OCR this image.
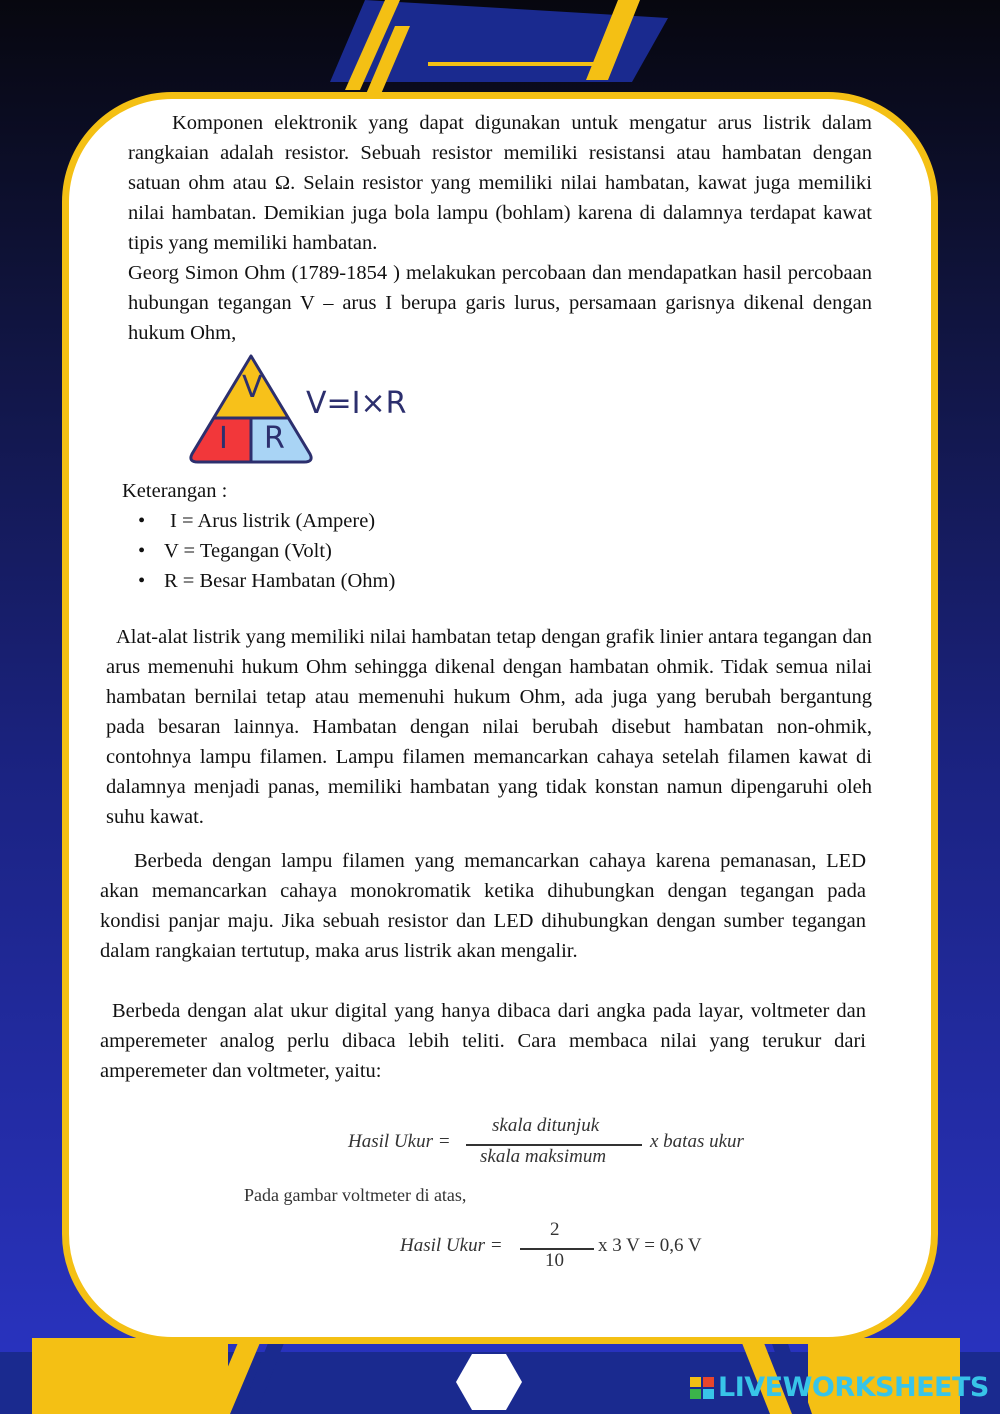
Komponen elektronik yang dapat digunakan untuk mengatur arus listrik dalam rangkaian adalah resistor. Sebuah resistor memiliki resistansi atau hambatan dengan satuan ohm atau Ω. Selain resistor yang memiliki nilai hambatan, kawat juga memiliki nilai hambatan. Demikian juga bola lampu (bohlam) karena di dalamnya terdapat kawat tipis yang memiliki hambatan.

Georg Simon Ohm (1789-1854 ) melakukan percobaan dan mendapatkan hasil percobaan hubungan tegangan V – arus I berupa garis lurus, persamaan garisnya dikenal dengan hukum Ohm,

V
I R
V=I×R
Keterangan :
• I = Arus listrik (Ampere)
• V = Tegangan (Volt)
• R = Besar Hambatan (Ohm)

Alat-alat listrik yang memiliki nilai hambatan tetap dengan grafik linier antara tegangan dan arus memenuhi hukum Ohm sehingga dikenal dengan hambatan ohmik. Tidak semua nilai hambatan bernilai tetap atau memenuhi hukum Ohm, ada juga yang berubah bergantung pada besaran lainnya. Hambatan dengan nilai berubah disebut hambatan non-ohmik, contohnya lampu filamen. Lampu filamen memancarkan cahaya setelah filamen kawat di dalamnya menjadi panas, memiliki hambatan yang tidak konstan namun dipengaruhi oleh suhu kawat.

Berbeda dengan lampu filamen yang memancarkan cahaya karena pemanasan, LED akan memancarkan cahaya monokromatik ketika dihubungkan dengan tegangan pada kondisi panjar maju. Jika sebuah resistor dan LED dihubungkan dengan sumber tegangan dalam rangkaian tertutup, maka arus listrik akan mengalir.

Berbeda dengan alat ukur digital yang hanya dibaca dari angka pada layar, voltmeter dan amperemeter analog perlu dibaca lebih teliti. Cara membaca nilai yang terukur dari amperemeter dan voltmeter, yaitu:

Hasil Ukur =
skala ditunjuk
skala maksimum
x batas ukur
Pada gambar voltmeter di atas,
Hasil Ukur =
2
10
x 3 V = 0,6 V
LIVEWORKSHEETS
